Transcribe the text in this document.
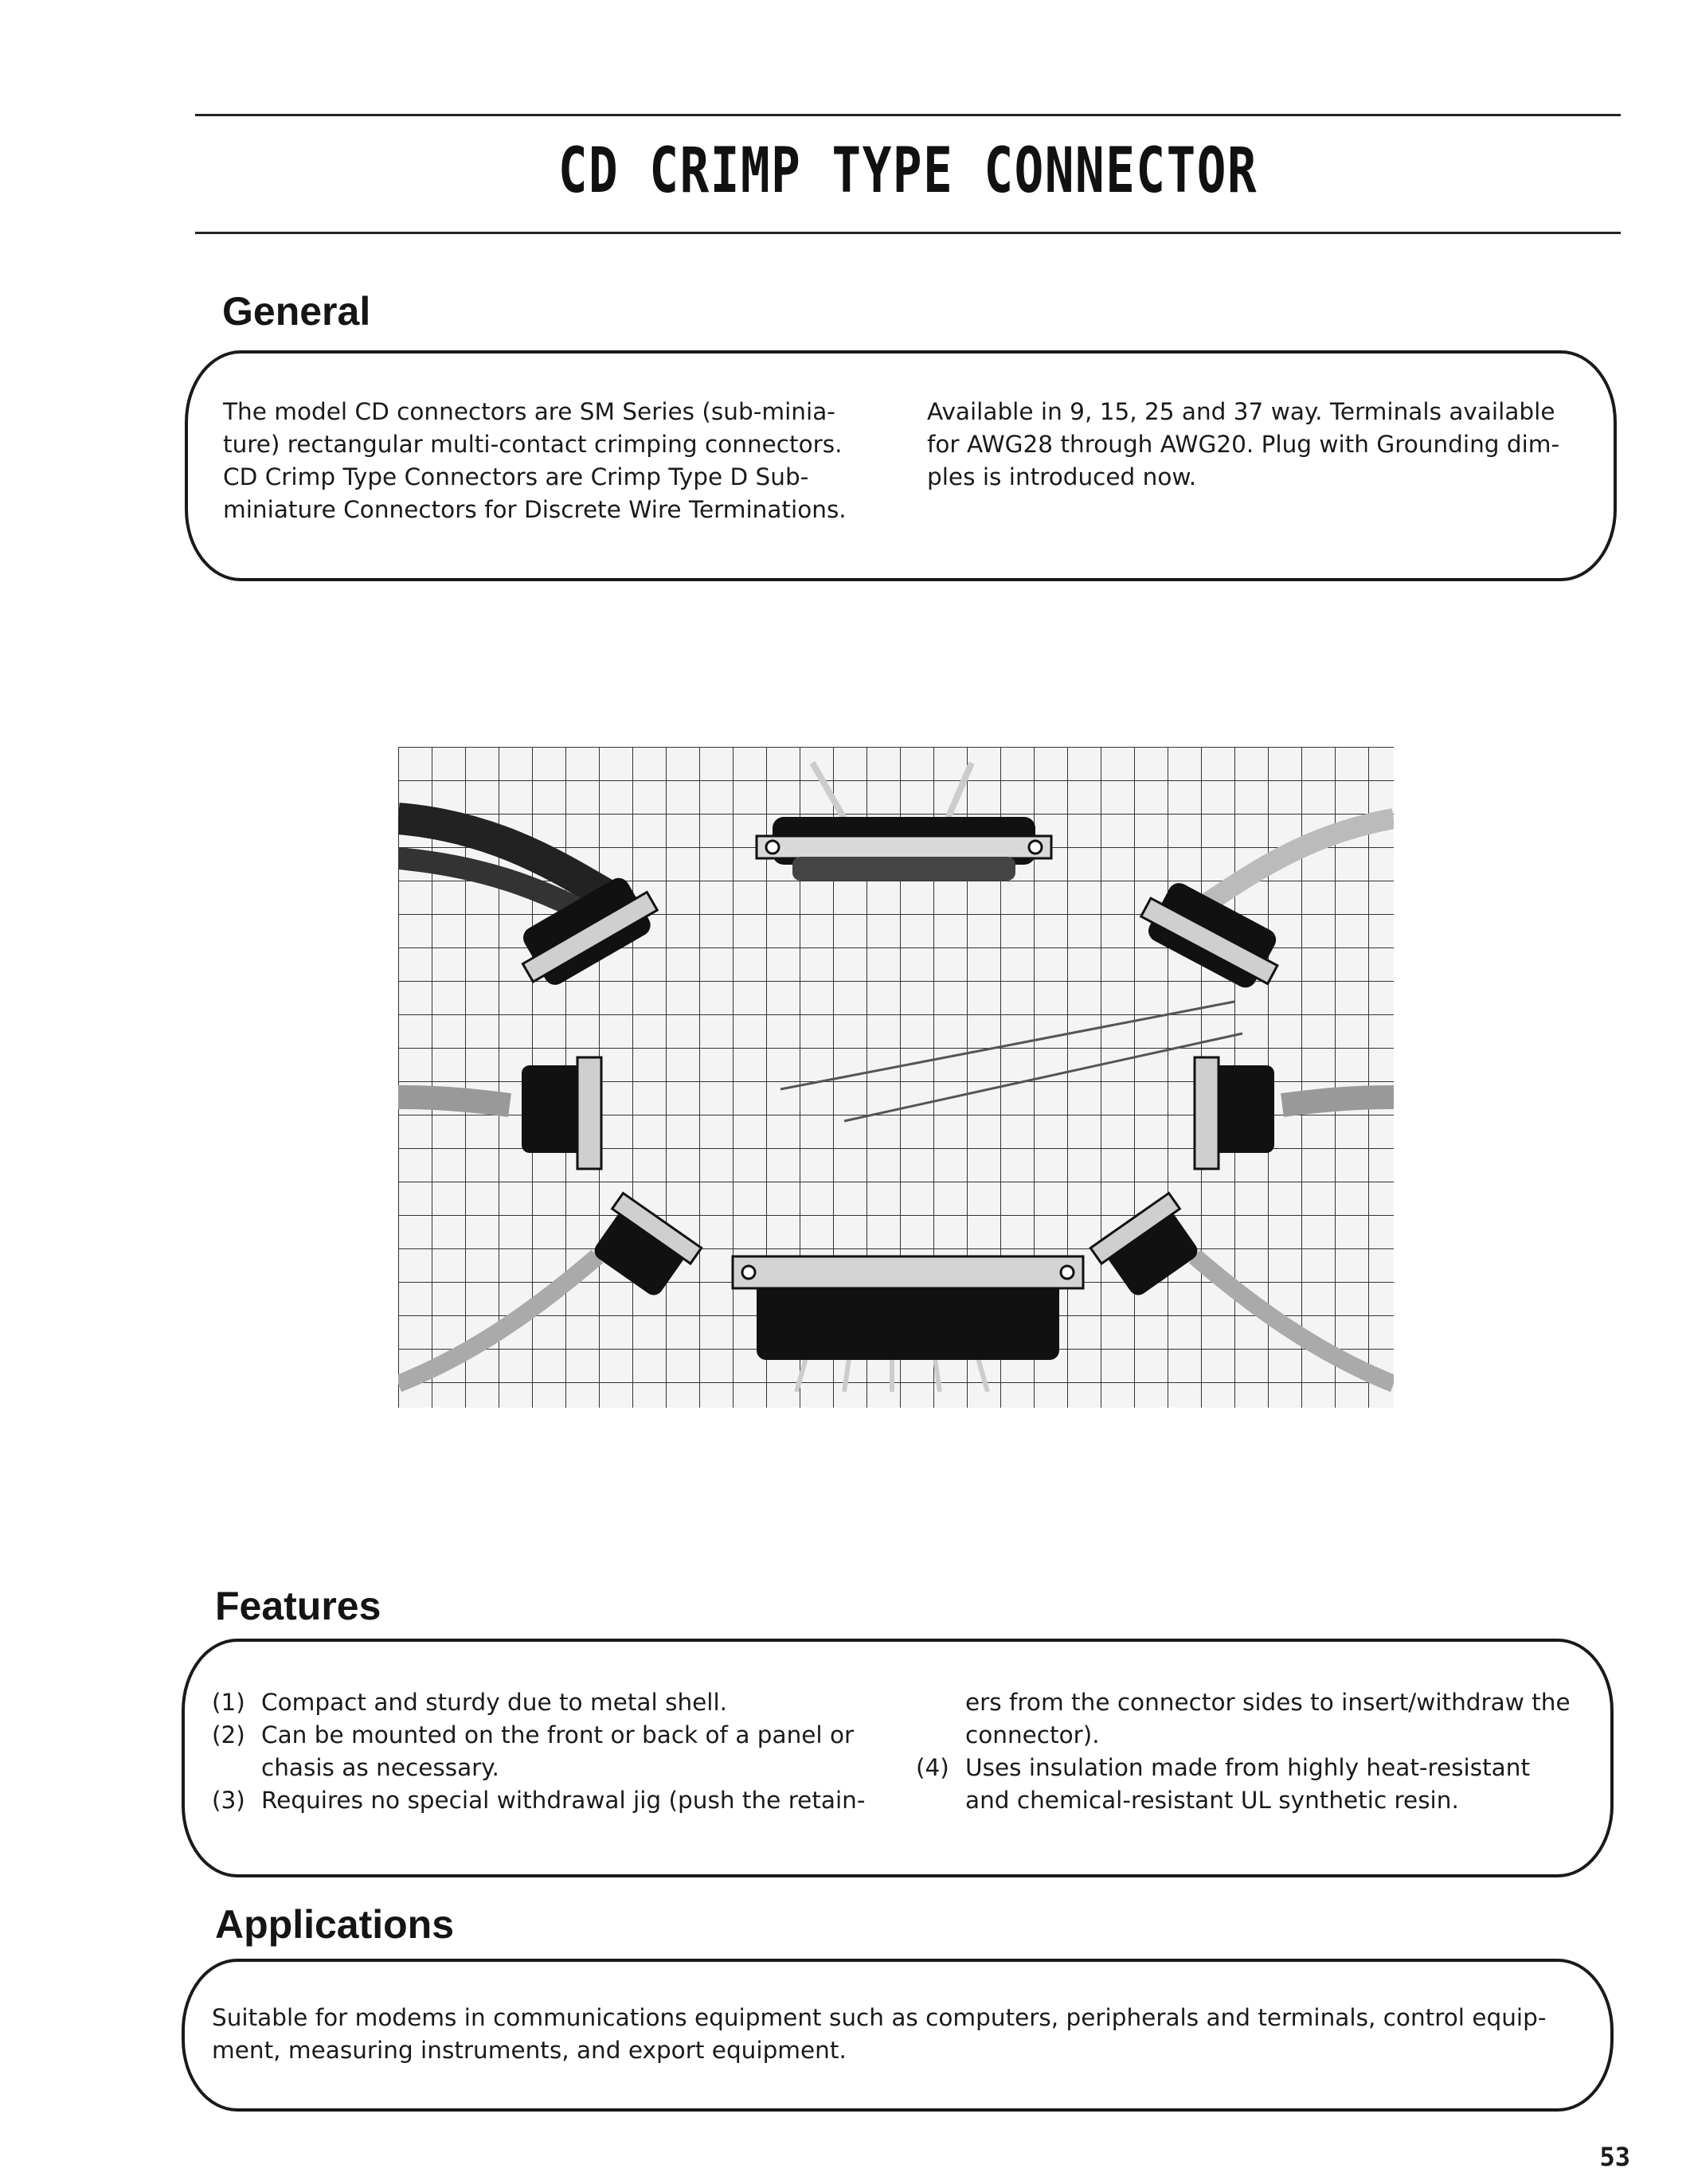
CD CRIMP TYPE CONNECTOR
General
The model CD connectors are SM Series (sub-minia-
ture) rectangular multi-contact crimping connectors.
CD Crimp Type Connectors are Crimp Type D Sub-
miniature Connectors for Discrete Wire Terminations.
Available in 9, 15, 25 and 37 way. Terminals available
for AWG28 through AWG20. Plug with Grounding dim-
ples is introduced now.
Features
(1) Compact and sturdy due to metal shell.
(2) Can be mounted on the front or back of a panel or
chasis as necessary.
(3) Requires no special withdrawal jig (push the retain-
ers from the connector sides to insert/withdraw the
connector).
(4) Uses insulation made from highly heat-resistant
and chemical-resistant UL synthetic resin.
Applications
Suitable for modems in communications equipment such as computers, peripherals and terminals, control equip-
ment, measuring instruments, and export equipment.
53
